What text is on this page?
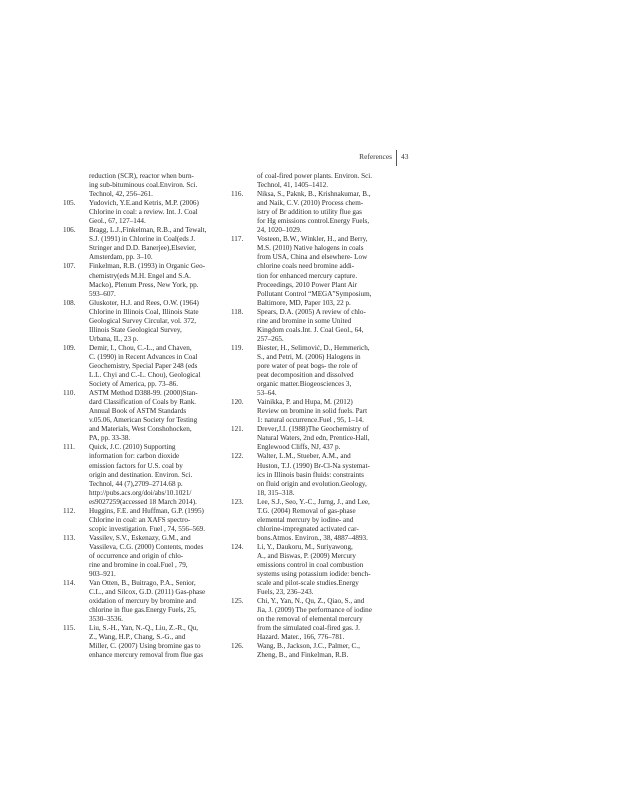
References 43
reduction (SCR), reactor when burn-
ing sub-bituminous coal.Environ. Sci.
Technol, 42, 256–261.
105. Yudovich, Y.E.and Ketris, M.P. (2006)
Chlorine in coal: a review. Int. J. Coal
Geol., 67, 127–144.
106. Bragg, L.J.,Finkelman, R.B., and Tewalt,
S.J. (1991) in Chlorine in Coal(eds J.
Stringer and D.D. Banerjee),Elsevier,
Amsterdam, pp. 3–10.
107. Finkelman, R.B. (1993) in Organic Geo-
chemistry(eds M.H. Engel and S.A.
Macko), Plenum Press, New York, pp.
593–607.
108. Gluskoter, H.J. and Rees, O.W. (1964)
Chlorine in Illinois Coal, Illinois State
Geological Survey Circular, vol. 372,
Illinois State Geological Survey,
Urbana, IL, 23 p.
109. Demir, I., Chou, C.-L., and Chaven,
C. (1990) in Recent Advances in Coal
Geochemistry, Special Paper 248 (eds
L.L. Chyi and C.-L. Chou), Geological
Society of America, pp. 73–86.
110. ASTM Method D388-99. (2000)Stan-
dard Classification of Coals by Rank.
Annual Book of ASTM Standards
v.05.06, American Society for Testing
and Materials, West Conshohocken,
PA, pp. 33-38.
111. Quick, J.C. (2010) Supporting
information for: carbon dioxide
emission factors for U.S. coal by
origin and destination. Environ. Sci.
Technol, 44 (7),2709–2714.68 p.
http://pubs.acs.org/doi/abs/10.1021/
es9027259(accessed 18 March 2014).
112. Huggins, F.E. and Huffman, G.P. (1995)
Chlorine in coal: an XAFS spectro-
scopic investigation. Fuel , 74, 556–569.
113. Vassilev, S.V., Eskenazy, G.M., and
Vassileva, C.G. (2000) Contents, modes
of occurrence and origin of chlo-
rine and bromine in coal.Fuel , 79,
903–921.
114. Van Otten, B., Buitrago, P.A., Senior,
C.L., and Silcox, G.D. (2011) Gas-phase
oxidation of mercury by bromine and
chlorine in flue gas.Energy Fuels, 25,
3530–3536.
115. Liu, S.-H., Yan, N.-Q., Liu, Z.-R., Qu,
Z., Wang, H.P., Chang, S.-G., and
Miller, C. (2007) Using bromine gas to
enhance mercury removal from flue gas
of coal-fired power plants. Environ. Sci.
Technol, 41, 1405–1412.
116. Niksa, S., Paknk, B., Krishnakumar, B.,
and Naik, C.V. (2010) Process chem-
istry of Br addition to utility flue gas
for Hg emissions control.Energy Fuels,
24, 1020–1029.
117. Vosteen, B.W., Winkler, H., and Berry,
M.S. (2010) Native halogens in coals
from USA, China and elsewhere- Low
chlorine coals need bromine addi-
tion for enhanced mercury capture.
Proceedings, 2010 Power Plant Air
Pollutant Control “MEGA”Symposium,
Baltimore, MD, Paper 103, 22 p.
118. Spears, D.A. (2005) A review of chlo-
rine and bromine in some United
Kingdom coals.Int. J. Coal Geol., 64,
257–265.
119. Biester, H., Selimović, D., Hemmerich,
S., and Petri, M. (2006) Halogens in
pore water of peat bogs- the role of
peat decomposition and dissolved
organic matter.Biogeosciences 3,
53–64.
120. Vainikka, P. and Hupa, M. (2012)
Review on bromine in solid fuels. Part
1: natural occurrence.Fuel , 95, 1–14.
121. Drever,J.I. (1988)The Geochemistry of
Natural Waters, 2nd edn, Prentice-Hall,
Englewood Cliffs, NJ, 437 p.
122. Walter, L.M., Stueber, A.M., and
Huston, T.J. (1990) Br-Cl-Na systemat-
ics in Illinois basin fluids: constraints
on fluid origin and evolution.Geology,
18, 315–318.
123. Lee, S.J., Seo, Y.-C., Jurng, J., and Lee,
T.G. (2004) Removal of gas-phase
elemental mercury by iodine- and
chlorine-impregnated activated car-
bons.Atmos. Environ., 38, 4887–4893.
124. Li, Y., Daukoru, M., Suriyawong,
A., and Biswas, P. (2009) Mercury
emissions control in coal combustion
systems using potassium iodide: bench-
scale and pilot-scale studies.Energy
Fuels, 23, 236–243.
125. Chi, Y., Yan, N., Qu, Z., Qiao, S., and
Jia, J. (2009) The performance of iodine
on the removal of elemental mercury
from the simulated coal-fired gas. J.
Hazard. Mater., 166, 776–781.
126. Wang, B., Jackson, J.C., Palmer, C.,
Zheng, B., and Finkelman, R.B.
